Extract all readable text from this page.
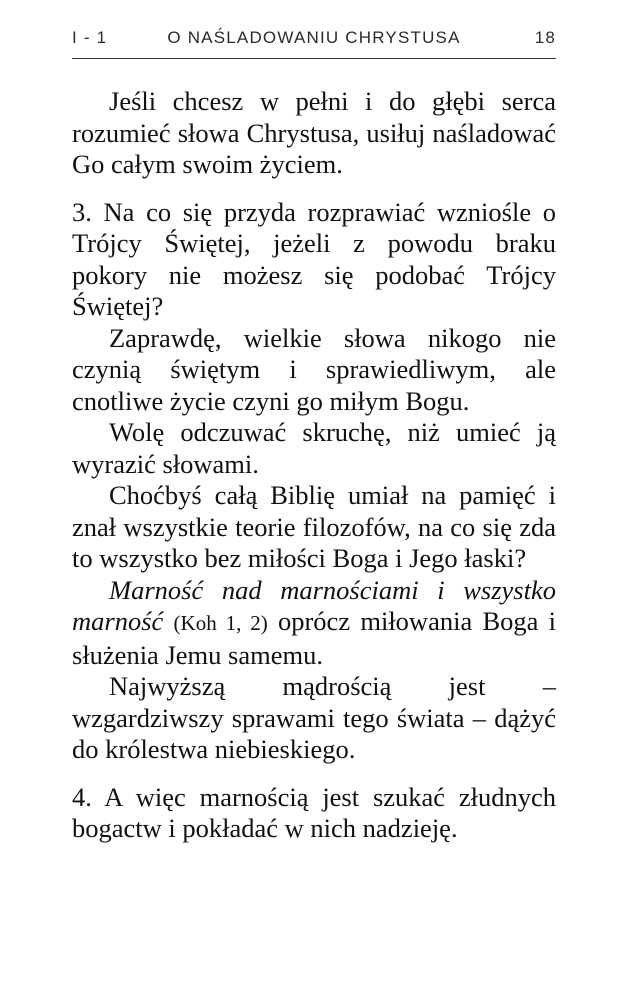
I - 1	O NAŚLADOWANIU CHRYSTUSA	18

Jeśli chcesz w pełni i do głębi serca rozumieć słowa Chrystusa, usiłuj naśladować Go całym swoim życiem.

3. Na co się przyda rozprawiać wzniośle o Trójcy Świętej, jeżeli z powodu braku pokory nie możesz się podobać Trójcy Świętej?

Zaprawdę, wielkie słowa nikogo nie czynią świętym i sprawiedliwym, ale cnotliwe życie czyni go miłym Bogu.

Wolę odczuwać skruchę, niż umieć ją wyrazić słowami.

Choćbyś całą Biblię umiał na pamięć i znał wszystkie teorie filozofów, na co się zda to wszystko bez miłości Boga i Jego łaski?

Marność nad marnościami i wszystko marność (Koh 1, 2) oprócz miłowania Boga i służenia Jemu samemu.

Najwyższą mądrością jest – wzgardziwszy sprawami tego świata – dążyć do królestwa niebieskiego.

4. A więc marnością jest szukać złudnych bogactw i pokładać w nich nadzieję.
